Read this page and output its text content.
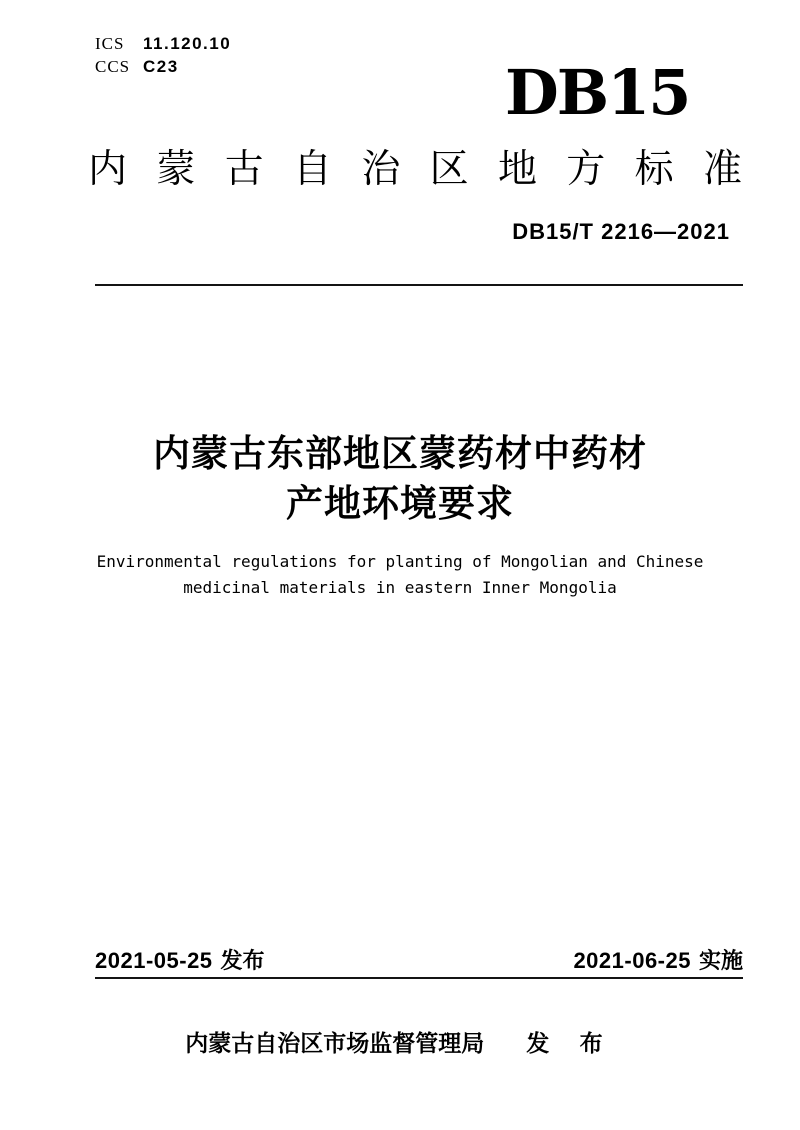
ICS	11.120.10
CCS C23	DB15
内 蒙 古 自 治 区 地 方 标 准
DB15/T 2216—2021
内蒙古东部地区蒙药材中药材
产地环境要求
Environmental regulations for planting of Mongolian and Chinese
medicinal materials in eastern Inner Mongolia
2021-05-25 发布	2021-06-25 实施
内蒙古自治区市场监督管理局 发 布
